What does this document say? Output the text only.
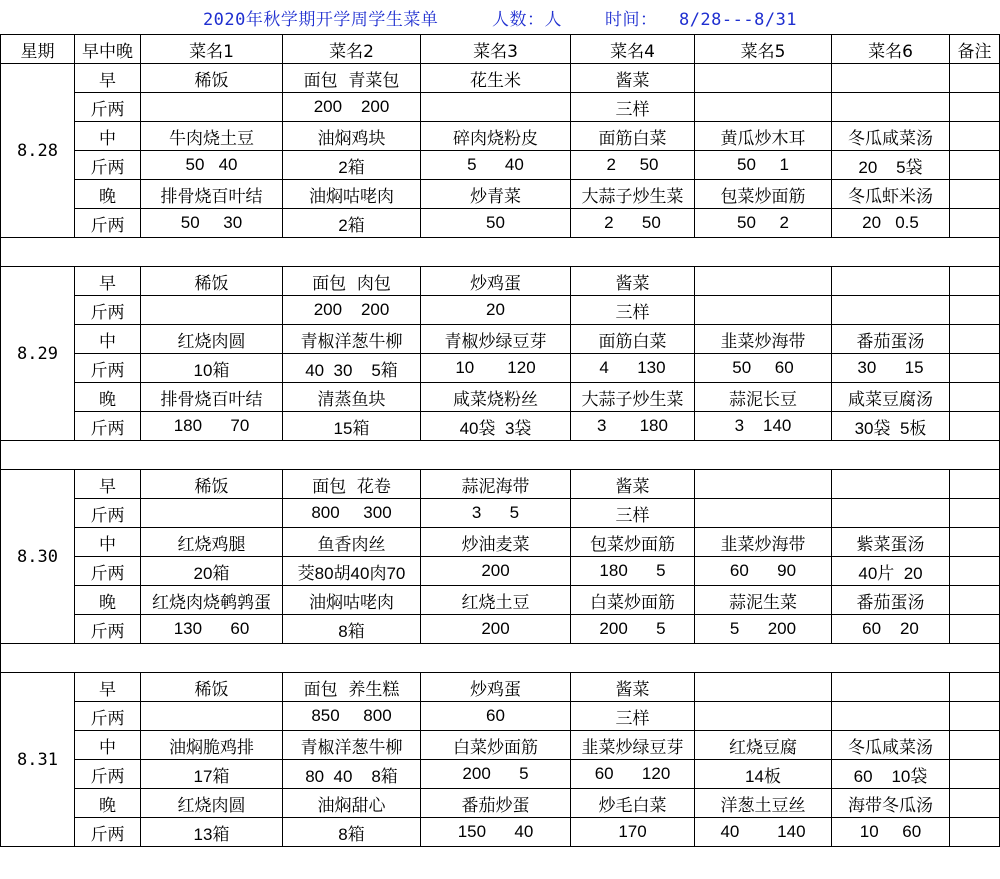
2020年秋学期开学周学生菜单     人数：人    时间：  8/28---8/31
星期	早中晚	菜名1	菜名2	菜名3	菜名4	菜名5	菜名6	备注
8.28	早	稀饭	面包  青菜包	花生米	酱菜			
	斤两		200    200		三样			
	中	牛肉烧土豆	油焖鸡块	碎肉烧粉皮	面筋白菜	黄瓜炒木耳	冬瓜咸菜汤	
	斤两	50   40	2箱	5      40	2     50	50     1	20    5袋	
	晚	排骨烧百叶结	油焖咕咾肉	炒青菜	大蒜子炒生菜	包菜炒面筋	冬瓜虾米汤	
	斤两	50     30	2箱	50	2      50	50     2	20   0.5	

8.29	早	稀饭	面包  肉包	炒鸡蛋	酱菜			
	斤两		200    200	20	三样			
	中	红烧肉圆	青椒洋葱牛柳	青椒炒绿豆芽	面筋白菜	韭菜炒海带	番茄蛋汤	
	斤两	10箱	40  30    5箱	10       120	4      130	50     60	30      15	
	晚	排骨烧百叶结	清蒸鱼块	咸菜烧粉丝	大蒜子炒生菜	蒜泥长豆	咸菜豆腐汤	
	斤两	180      70	15箱	40袋  3袋	3       180	3    140	30袋  5板	

8.30	早	稀饭	面包  花卷	蒜泥海带	酱菜			
	斤两		800     300	3      5	三样			
	中	红烧鸡腿	鱼香肉丝	炒油麦菜	包菜炒面筋	韭菜炒海带	紫菜蛋汤	
	斤两	20箱	茭80胡40肉70	200	180      5	60      90	40片  20	
	晚	红烧肉烧鹌鹑蛋	油焖咕咾肉	红烧土豆	白菜炒面筋	蒜泥生菜	番茄蛋汤	
	斤两	130      60	8箱	200	200      5	5      200	60    20	

8.31	早	稀饭	面包  养生糕	炒鸡蛋	酱菜			
	斤两		850     800	60	三样			
	中	油焖脆鸡排	青椒洋葱牛柳	白菜炒面筋	韭菜炒绿豆芽	红烧豆腐	冬瓜咸菜汤	
	斤两	17箱	80  40    8箱	200      5	60      120	14板	60    10袋	
	晚	红烧肉圆	油焖甜心	番茄炒蛋	炒毛白菜	洋葱土豆丝	海带冬瓜汤	
	斤两	13箱	8箱	150      40	170	40        140	10     60	
